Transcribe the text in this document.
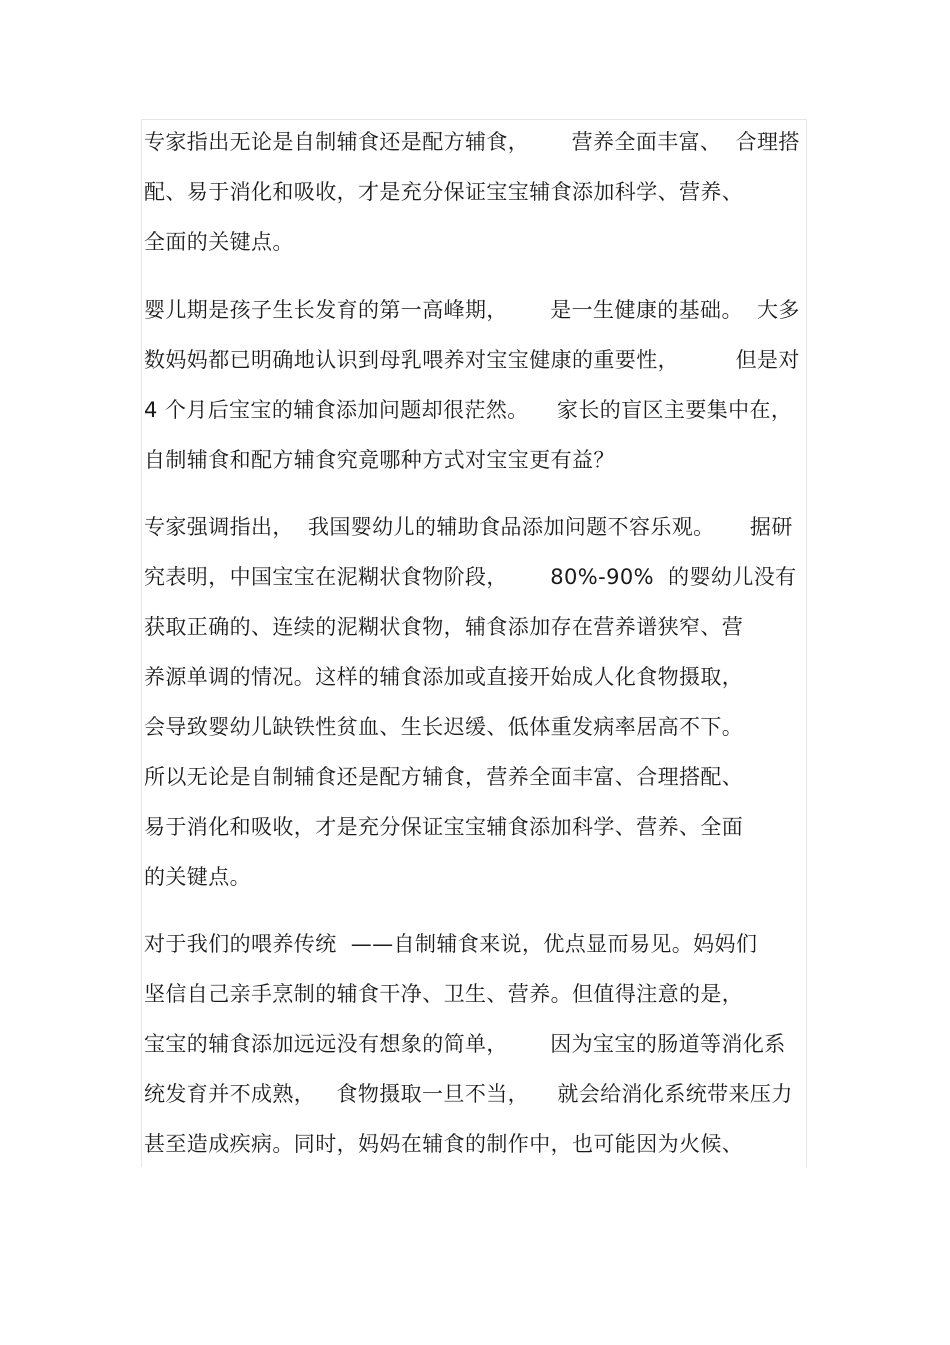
专家指出无论是自制辅食还是配方辅食，      营养全面丰富、  合理搭
配、易于消化和吸收，才是充分保证宝宝辅食添加科学、营养、
全面的关键点。
婴儿期是孩子生长发育的第一高峰期，      是一生健康的基础。  大多
数妈妈都已明确地认识到母乳喂养对宝宝健康的重要性，        但是对
4 个月后宝宝的辅食添加问题却很茫然。    家长的盲区主要集中在，
自制辅食和配方辅食究竟哪种方式对宝宝更有益？
专家强调指出，  我国婴幼儿的辅助食品添加问题不容乐观。     据研
究表明，中国宝宝在泥糊状食物阶段，      80%-90%  的婴幼儿没有
获取正确的、连续的泥糊状食物，辅食添加存在营养谱狭窄、营
养源单调的情况。这样的辅食添加或直接开始成人化食物摄取，
会导致婴幼儿缺铁性贫血、生长迟缓、低体重发病率居高不下。
所以无论是自制辅食还是配方辅食，营养全面丰富、合理搭配、
易于消化和吸收，才是充分保证宝宝辅食添加科学、营养、全面
的关键点。
对于我们的喂养传统  ——自制辅食来说，优点显而易见。妈妈们
坚信自己亲手烹制的辅食干净、卫生、营养。但值得注意的是，
宝宝的辅食添加远远没有想象的简单，      因为宝宝的肠道等消化系
统发育并不成熟，   食物摄取一旦不当，    就会给消化系统带来压力
甚至造成疾病。同时，妈妈在辅食的制作中，也可能因为火候、
